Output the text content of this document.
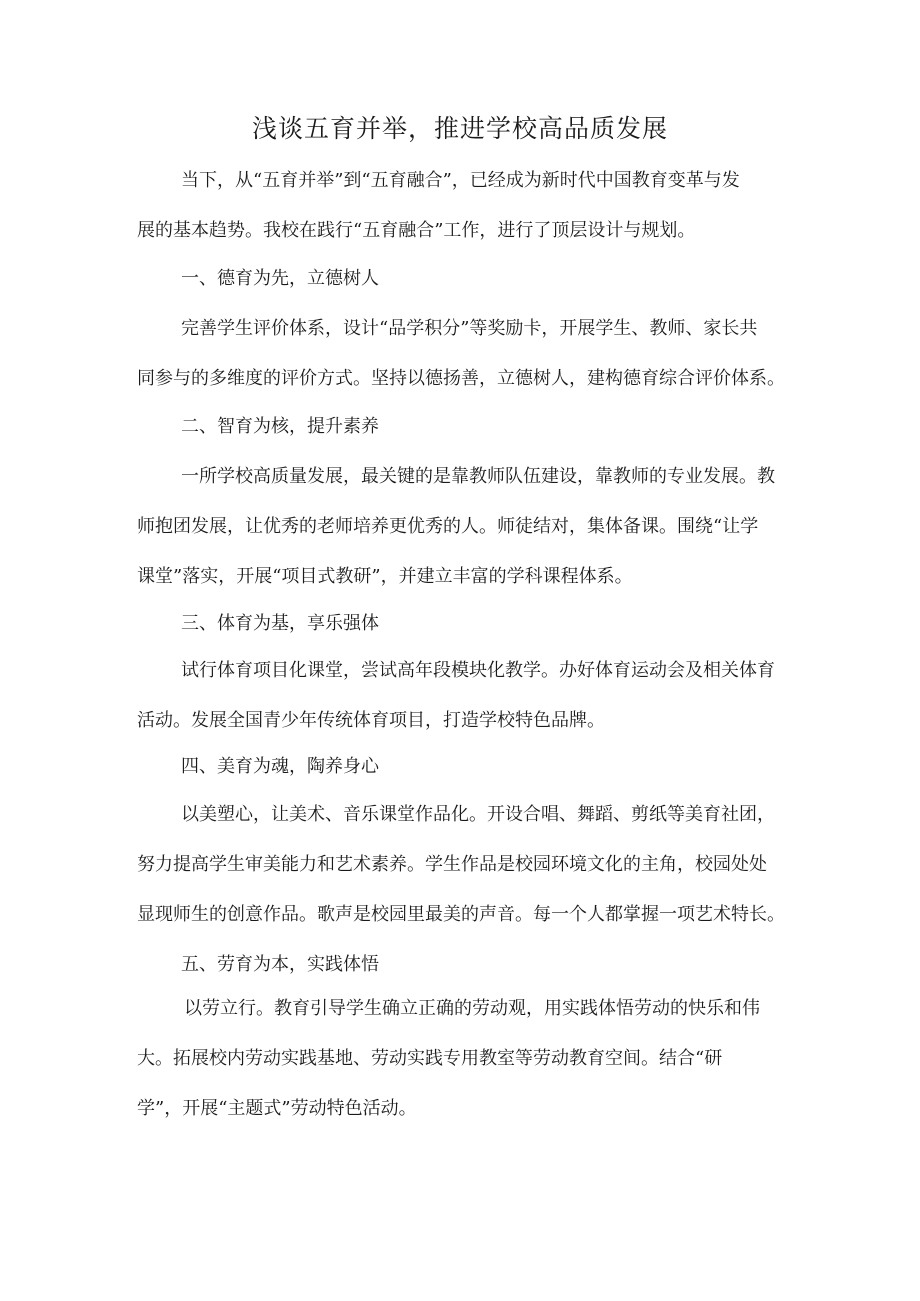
浅谈五育并举，推进学校高品质发展
当下，从“五育并举”到“五育融合”，已经成为新时代中国教育变革与发
展的基本趋势。我校在践行“五育融合”工作，进行了顶层设计与规划。
一、德育为先，立德树人
完善学生评价体系，设计“品学积分”等奖励卡，开展学生、教师、家长共
同参与的多维度的评价方式。坚持以德扬善，立德树人，建构德育综合评价体系。
二、智育为核，提升素养
一所学校高质量发展，最关键的是靠教师队伍建设，靠教师的专业发展。教
师抱团发展，让优秀的老师培养更优秀的人。师徒结对，集体备课。围绕“让学
课堂”落实，开展“项目式教研”，并建立丰富的学科课程体系。
三、体育为基，享乐强体
试行体育项目化课堂，尝试高年段模块化教学。办好体育运动会及相关体育
活动。发展全国青少年传统体育项目，打造学校特色品牌。
四、美育为魂，陶养身心
以美塑心，让美术、音乐课堂作品化。开设合唱、舞蹈、剪纸等美育社团，
努力提高学生审美能力和艺术素养。学生作品是校园环境文化的主角，校园处处
显现师生的创意作品。歌声是校园里最美的声音。每一个人都掌握一项艺术特长。
五、劳育为本，实践体悟
以劳立行。教育引导学生确立正确的劳动观，用实践体悟劳动的快乐和伟
大。拓展校内劳动实践基地、劳动实践专用教室等劳动教育空间。结合“研
学”，开展“主题式”劳动特色活动。
